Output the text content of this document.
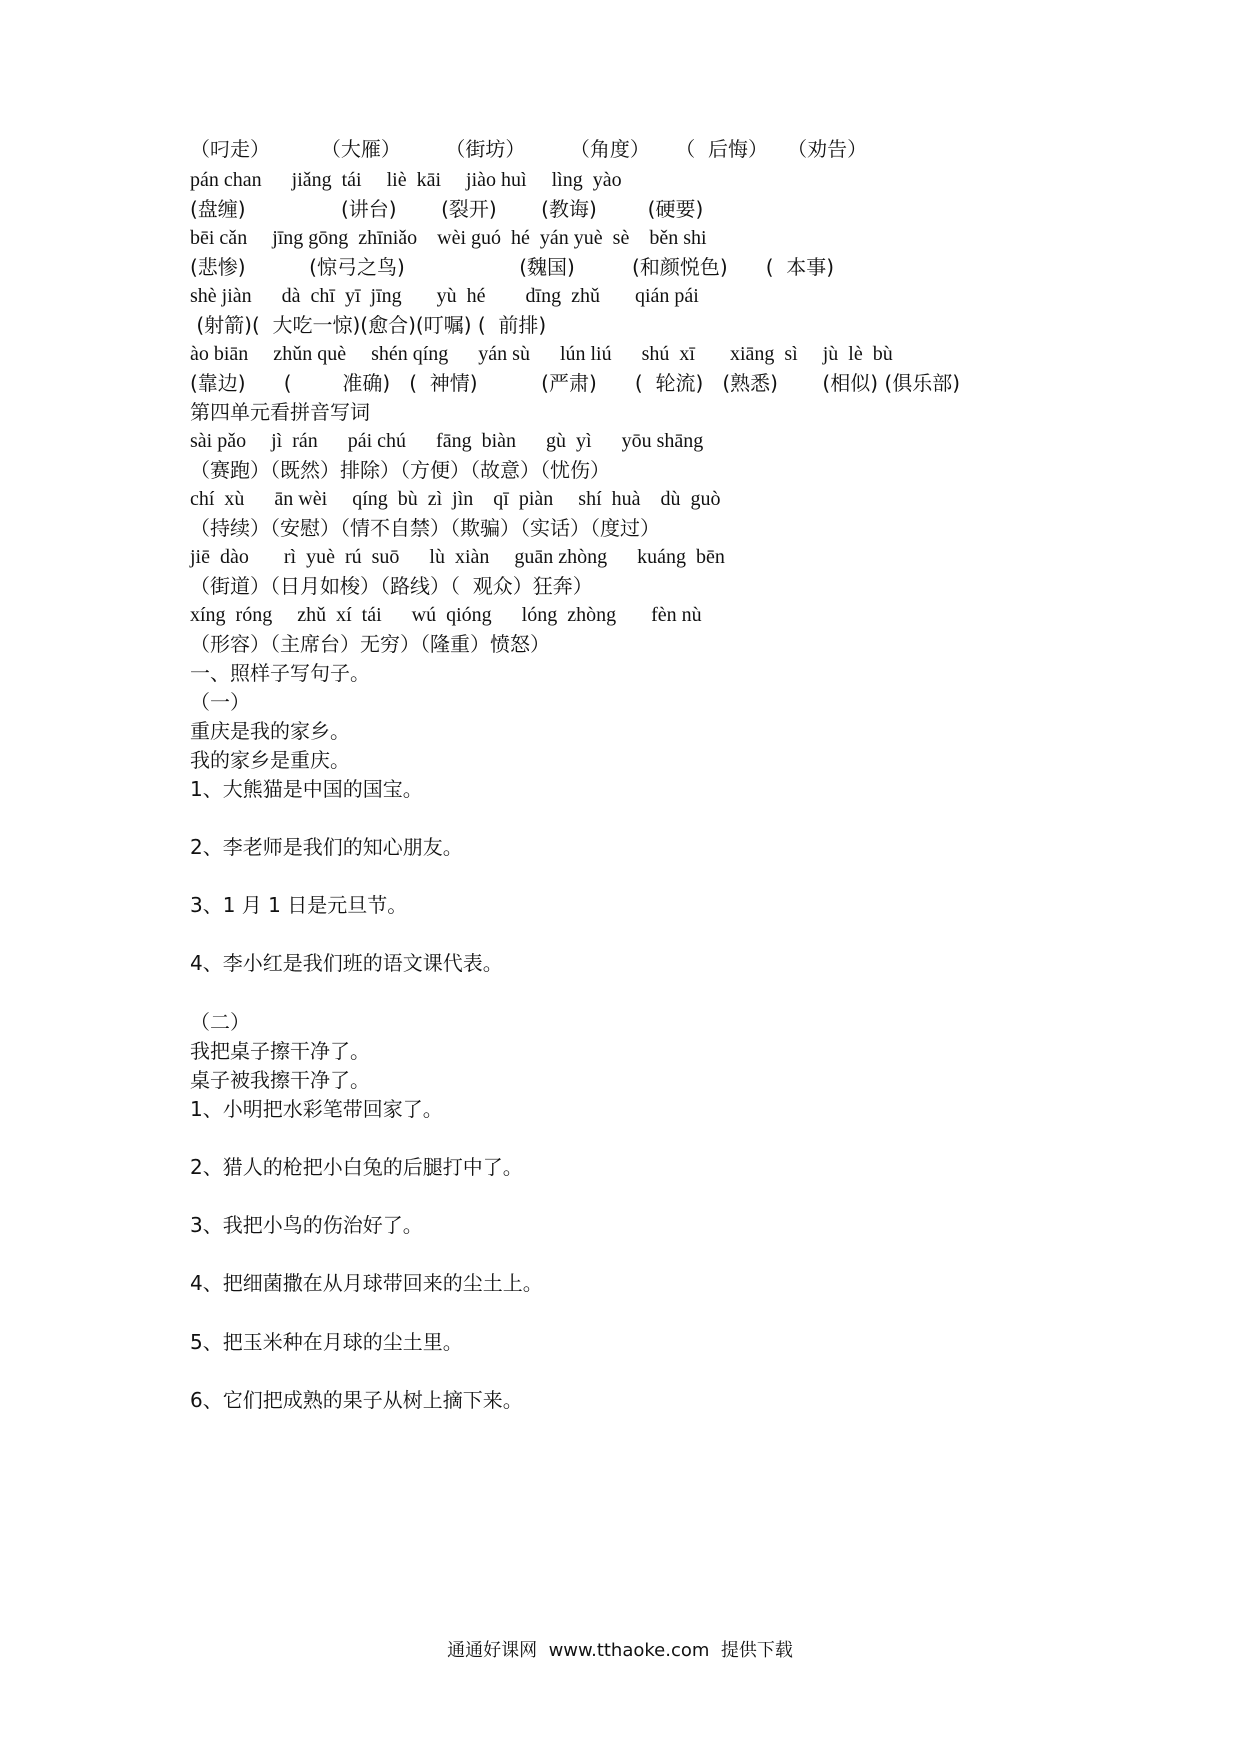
（叼走）        （大雁）       （街坊）       （角度）    （  后悔）   （劝告）
pán chan      jiǎng  tái     liè  kāi     jiào huì     lìng  yào
(盘缠)               (讲台)       (裂开)       (教诲)        (硬要)
bēi cǎn     jīng gōng  zhīniǎo    wèi guó  hé  yán yuè  sè    běn shi
(悲惨)          (惊弓之鸟)                  (魏国)         (和颜悦色)      (  本事)
shè jiàn      dà  chī  yī  jīng       yù  hé        dīng  zhǔ       qián pái
(射箭)(  大吃一惊)(愈合)(叮嘱) (  前排)
ào biān     zhǔn què     shén qíng      yán sù      lún liú      shú  xī       xiāng  sì     jù  lè  bù
(靠边)      (        准确)   (  神情)          (严肃)      (  轮流)   (熟悉)       (相似) (俱乐部)
第四单元看拼音写词
sài pǎo     jì  rán      pái chú      fāng  biàn      gù  yì      yōu shāng
（赛跑）（既然）排除）（方便）（故意）（忧伤）
chí  xù      ān wèi     qíng  bù  zì  jìn    qī  piàn     shí  huà    dù  guò
（持续）（安慰）（情不自禁）（欺骗）（实话）（度过）
jiē  dào       rì  yuè  rú  suō      lù  xiàn     guān zhòng      kuáng  bēn
（街道）（日月如梭）（路线）（  观众）狂奔）
xíng  róng     zhǔ  xí  tái      wú  qióng      lóng  zhòng       fèn nù
（形容）（主席台）无穷）（隆重）愤怒）
一、照样子写句子。
（一）
重庆是我的家乡。
我的家乡是重庆。
1、大熊猫是中国的国宝。
2、李老师是我们的知心朋友。
3、1 月 1 日是元旦节。
4、李小红是我们班的语文课代表。
（二）
我把桌子擦干净了。
桌子被我擦干净了。
1、小明把水彩笔带回家了。
2、猎人的枪把小白兔的后腿打中了。
3、我把小鸟的伤治好了。
4、把细菌撒在从月球带回来的尘土上。
5、把玉米种在月球的尘土里。
6、它们把成熟的果子从树上摘下来。
通通好课网  www.tthaoke.com  提供下载
